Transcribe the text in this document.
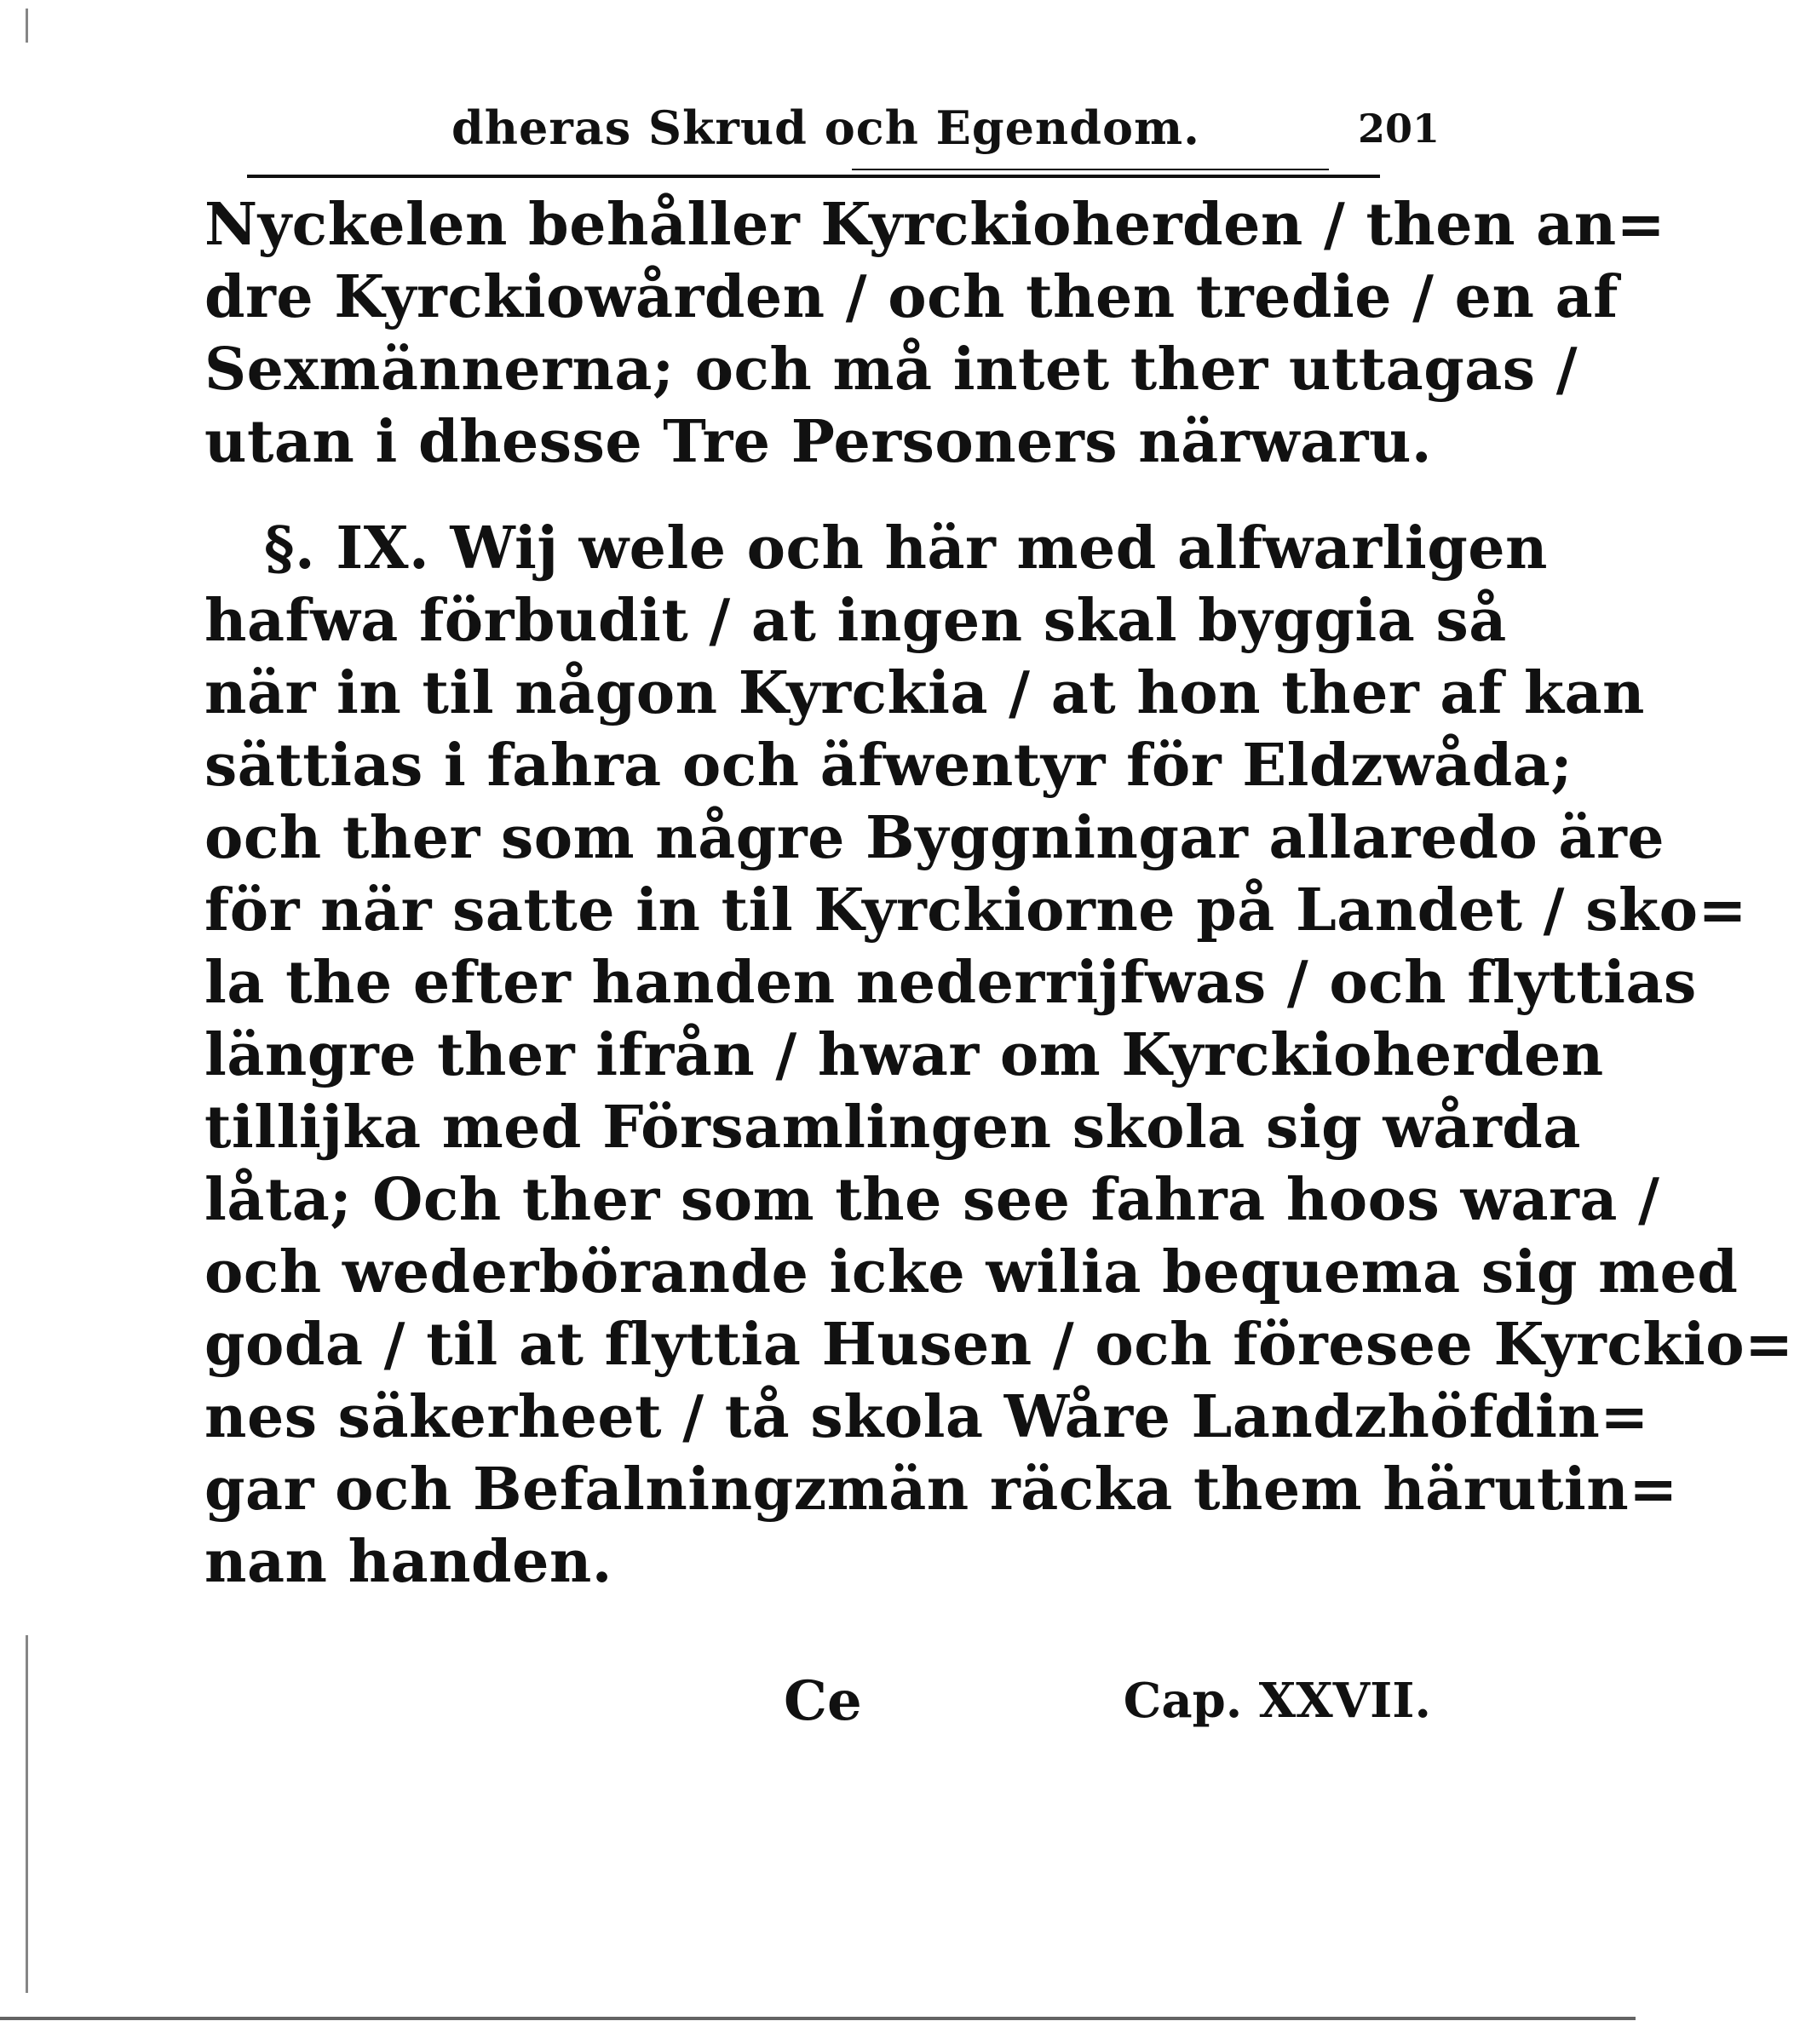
dheras Skrud och Egendom.	201
Nyckelen behåller Kyrckioherden / then an=
dre Kyrckiowården / och then tredie / en af
Sexmännerna; och må intet ther uttagas /
utan i dhesse Tre Personers närwaru.
§. IX. Wij wele och här med alfwarligen
hafwa förbudit / at ingen skal byggia så
när in til någon Kyrckia / at hon ther af kan
sättias i fahra och äfwentyr för Eldzwåda;
och ther som någre Byggningar allaredo äre
för när satte in til Kyrckiorne på Landet / sko=
la the efter handen nederrijfwas / och flyttias
längre ther ifrån / hwar om Kyrckioherden
tillijka med Församlingen skola sig wårda
låta; Och ther som the see fahra hoos wara /
och wederbörande icke wilia bequema sig med
goda / til at flyttia Husen / och föresee Kyrckio=
nes säkerheet / tå skola Wåre Landzhöfdin=
gar och Befalningzmän räcka them härutin=
nan handen.
Ce	Cap. XXVII.
